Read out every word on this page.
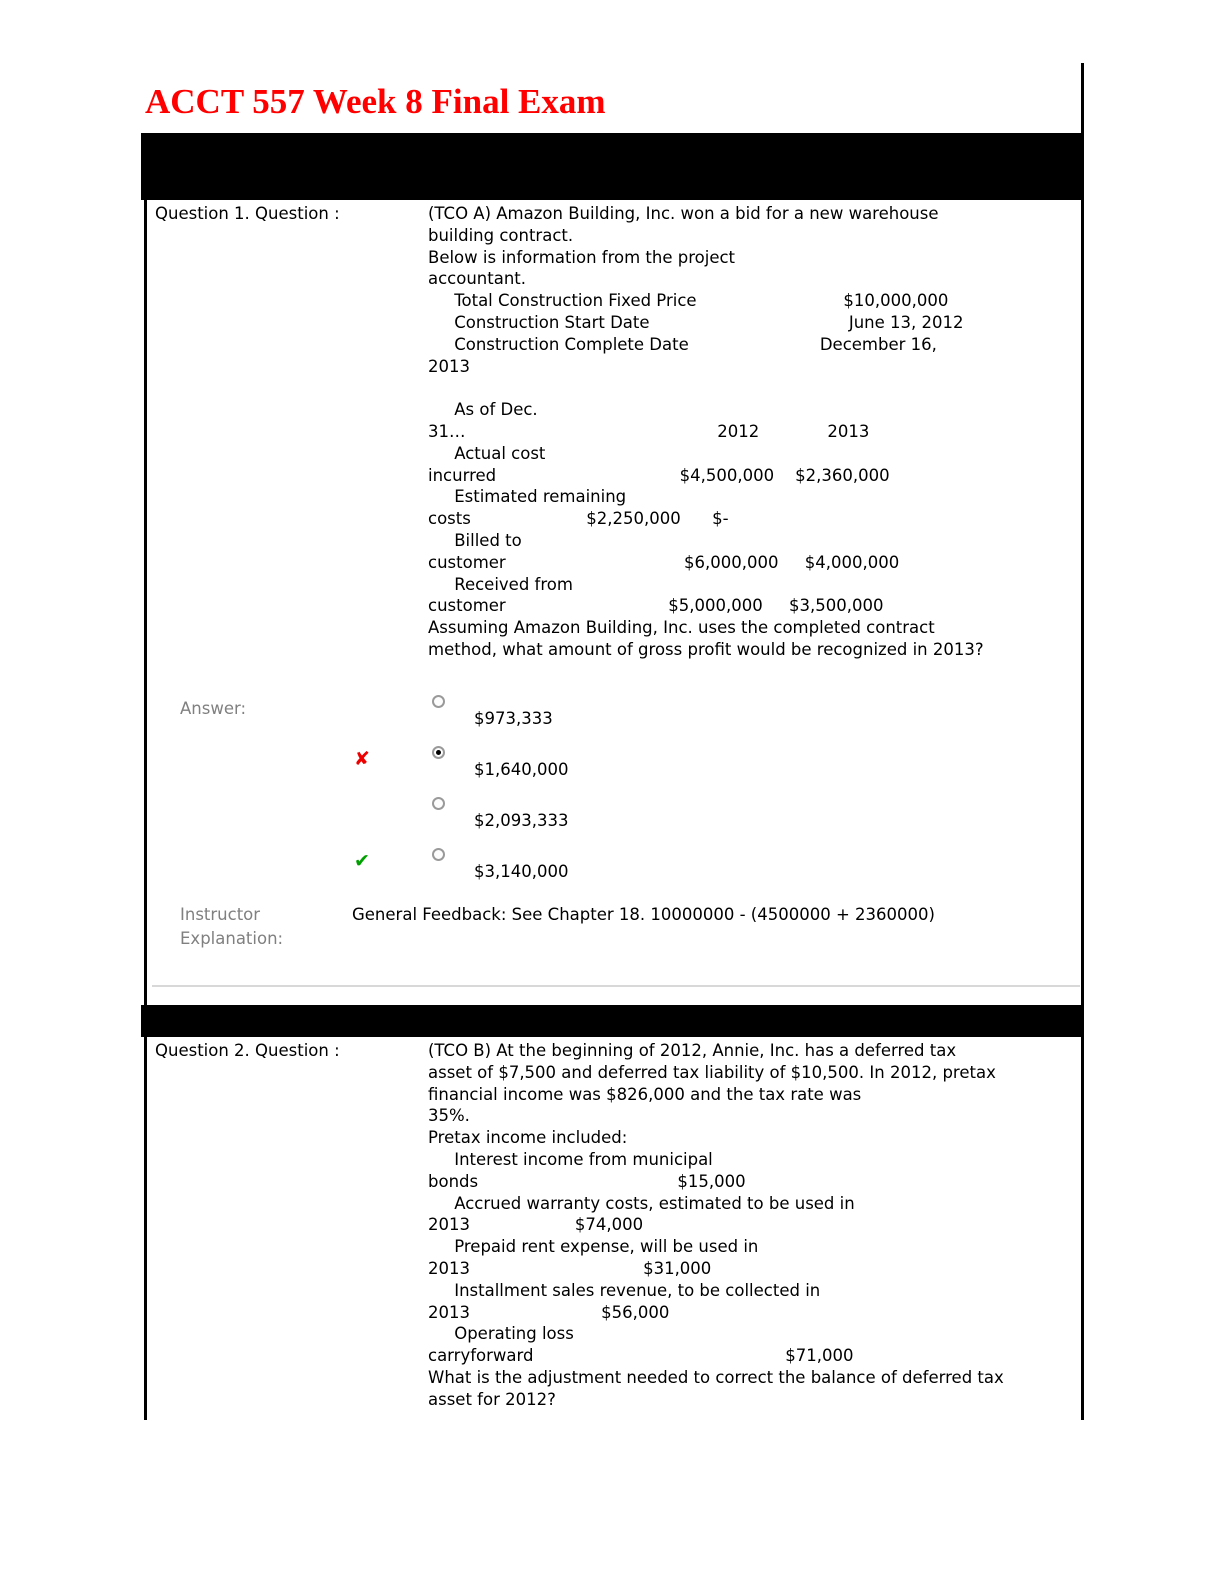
ACCT 557 Week 8 Final Exam
Question 1. Question :	(TCO A) Amazon Building, Inc. won a bid for a new warehouse
building contract.
Below is information from the project
accountant.
Total Construction Fixed Price                            $10,000,000
Construction Start Date                                      June 13, 2012
Construction Complete Date                         December 16,
2013
As of Dec.
31…                                                2012             2013
Actual cost
incurred                                   $4,500,000    $2,360,000
Estimated remaining
costs                      $2,250,000      $-
Billed to
customer                                  $6,000,000     $4,000,000
Received from
customer                               $5,000,000     $3,500,000
Assuming Amazon Building, Inc. uses the completed contract
method, what amount of gross profit would be recognized in 2013?
Answer:
$973,333
✘	$1,640,000
$2,093,333
✔	$3,140,000
Instructor
Explanation:
General Feedback: See Chapter 18. 10000000 - (4500000 + 2360000)
Question 2. Question :	(TCO B) At the beginning of 2012, Annie, Inc. has a deferred tax
asset of $7,500 and deferred tax liability of $10,500. In 2012, pretax
financial income was $826,000 and the tax rate was
35%.
Pretax income included:
Interest income from municipal
bonds                                      $15,000
Accrued warranty costs, estimated to be used in
2013                    $74,000
Prepaid rent expense, will be used in
2013                                 $31,000
Installment sales revenue, to be collected in
2013                         $56,000
Operating loss
carryforward                                                $71,000
What is the adjustment needed to correct the balance of deferred tax
asset for 2012?
